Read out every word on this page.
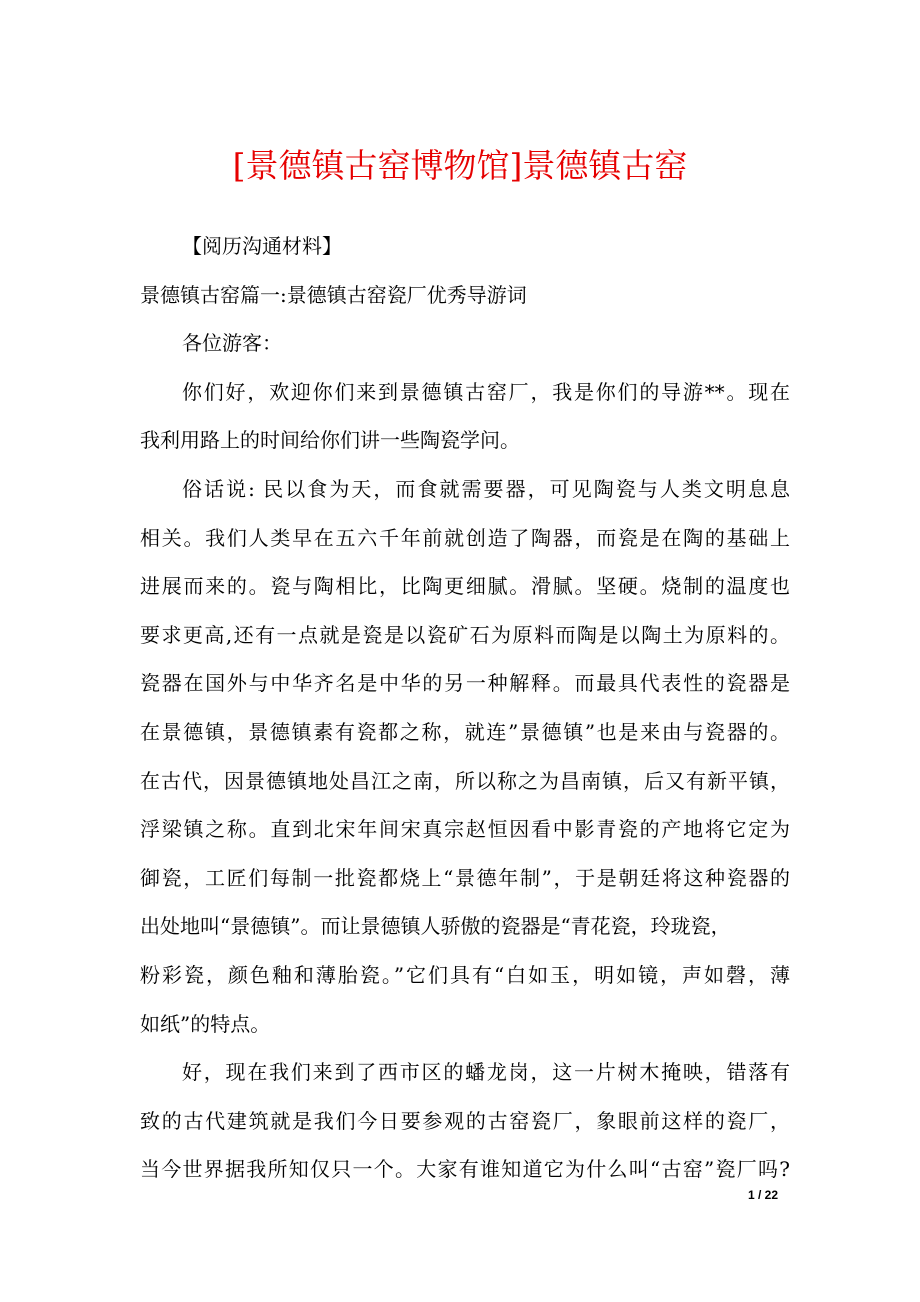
[景德镇古窑博物馆]景德镇古窑
【阅历沟通材料】
景德镇古窑篇一:景德镇古窑瓷厂优秀导游词
各位游客：
你们好，欢迎你们来到景德镇古窑厂，我是你们的导游**。现在
我利用路上的时间给你们讲一些陶瓷学问。
俗话说: 民以食为天，而食就需要器，可见陶瓷与人类文明息息
相关。我们人类早在五六千年前就创造了陶器，而瓷是在陶的基础上
进展而来的。瓷与陶相比，比陶更细腻。滑腻。坚硬。烧制的温度也
要求更高,还有一点就是瓷是以瓷矿石为原料而陶是以陶土为原料的。
瓷器在国外与中华齐名是中华的另一种解释。而最具代表性的瓷器是
在景德镇，景德镇素有瓷都之称，就连”景德镇”也是来由与瓷器的。
在古代，因景德镇地处昌江之南，所以称之为昌南镇，后又有新平镇，
浮梁镇之称。直到北宋年间宋真宗赵恒因看中影青瓷的产地将它定为
御瓷，工匠们每制一批瓷都烧上“景德年制”，于是朝廷将这种瓷器的
出处地叫“景德镇”。而让景德镇人骄傲的瓷器是“青花瓷，玲珑瓷，
粉彩瓷，颜色釉和薄胎瓷。”它们具有“白如玉，明如镜，声如磬，薄
如纸”的特点。
好，现在我们来到了西市区的蟠龙岗，这一片树木掩映，错落有
致的古代建筑就是我们今日要参观的古窑瓷厂，象眼前这样的瓷厂，
当今世界据我所知仅只一个。大家有谁知道它为什么叫“古窑”瓷厂吗?
1 / 22
